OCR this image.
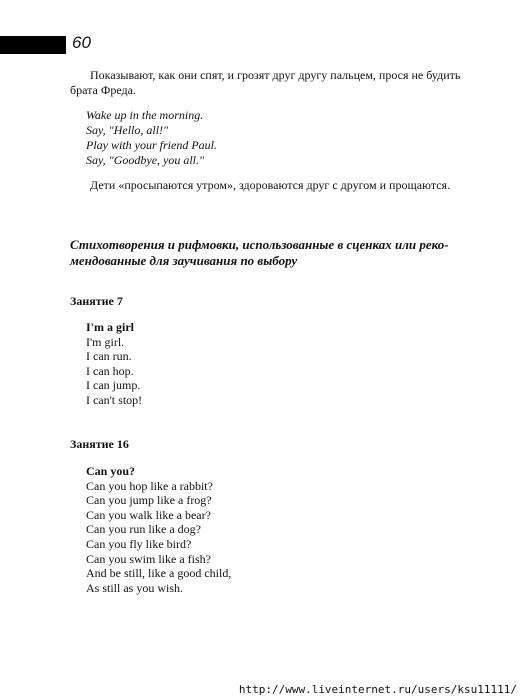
60

Показывают, как они спят, и грозят друг другу пальцем, прося не будить
брата Фреда.

Wake up in the morning.
Say, "Hello, all!"
Play with your friend Paul.
Say, "Goodbye, you all."

Дети «просыпаются утром», здороваются друг с другом и прощаются.

Стихотворения и рифмовки, использованные в сценках или реко-
мендованные для заучивания по выбору

Занятие 7

I'm a girl
I'm girl.
I can run.
I can hop.
I can jump.
I can't stop!

Занятие 16

Can you?
Can you hop like a rabbit?
Can you jump like a frog?
Can you walk like a bear?
Can you run like a dog?
Can you fly like bird?
Can you swim like a fish?
And be still, like a good child,
As still as you wish.
http://www.liveinternet.ru/users/ksu11111/
